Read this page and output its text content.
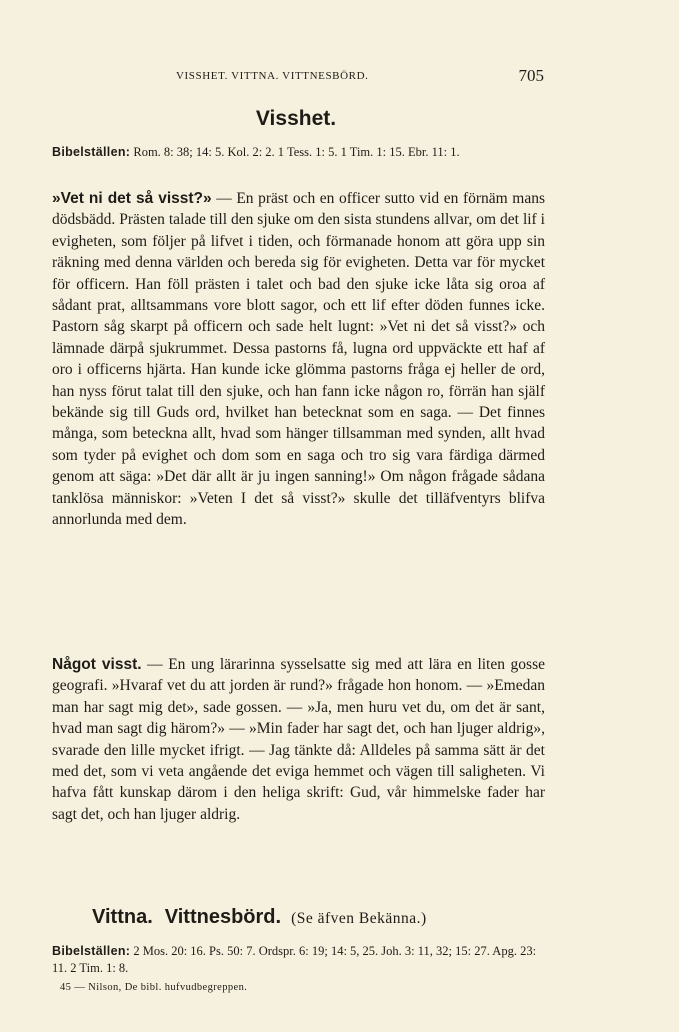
VISSHET. VITTNA. VITTNESBÖRD.	705
Visshet.
Bibelställen: Rom. 8: 38; 14: 5. Kol. 2: 2. 1 Tess. 1: 5. 1 Tim. 1: 15. Ebr. 11: 1.
»Vet ni det så visst?» — En präst och en officer sutto vid en förnäm mans dödsbädd. Prästen talade till den sjuke om den sista stundens allvar, om det lif i evigheten, som följer på lifvet i tiden, och förmanade honom att göra upp sin räkning med denna världen och bereda sig för evigheten. Detta var för mycket för officern. Han föll prästen i talet och bad den sjuke icke låta sig oroa af sådant prat, alltsammans vore blott sagor, och ett lif efter döden funnes icke. Pastorn såg skarpt på officern och sade helt lugnt: »Vet ni det så visst?» och lämnade därpå sjukrummet. Dessa pastorns få, lugna ord uppväckte ett haf af oro i officerns hjärta. Han kunde icke glömma pastorns fråga ej heller de ord, han nyss förut talat till den sjuke, och han fann icke någon ro, förrän han själf bekände sig till Guds ord, hvilket han betecknat som en saga. — Det finnes många, som beteckna allt, hvad som hänger tillsamman med synden, allt hvad som tyder på evighet och dom som en saga och tro sig vara färdiga därmed genom att säga: »Det där allt är ju ingen sanning!» Om någon frågade sådana tanklösa människor: »Veten I det så visst?» skulle det tilläfventyrs blifva annorlunda med dem.
Något visst. — En ung lärarinna sysselsatte sig med att lära en liten gosse geografi. »Hvaraf vet du att jorden är rund?» frågade hon honom. — »Emedan man har sagt mig det», sade gossen. — »Ja, men huru vet du, om det är sant, hvad man sagt dig härom?» — »Min fader har sagt det, och han ljuger aldrig», svarade den lille mycket ifrigt. — Jag tänkte då: Alldeles på samma sätt är det med det, som vi veta angående det eviga hemmet och vägen till saligheten. Vi hafva fått kunskap därom i den heliga skrift: Gud, vår himmelske fader har sagt det, och han ljuger aldrig.
Vittna. Vittnesbörd. (Se äfven Bekänna.)
Bibelställen: 2 Mos. 20: 16. Ps. 50: 7. Ordspr. 6: 19; 14: 5, 25. Joh. 3: 11, 32; 15: 27. Apg. 23: 11. 2 Tim. 1: 8.
45 — Nilson, De bibl. hufvudbegreppen.
